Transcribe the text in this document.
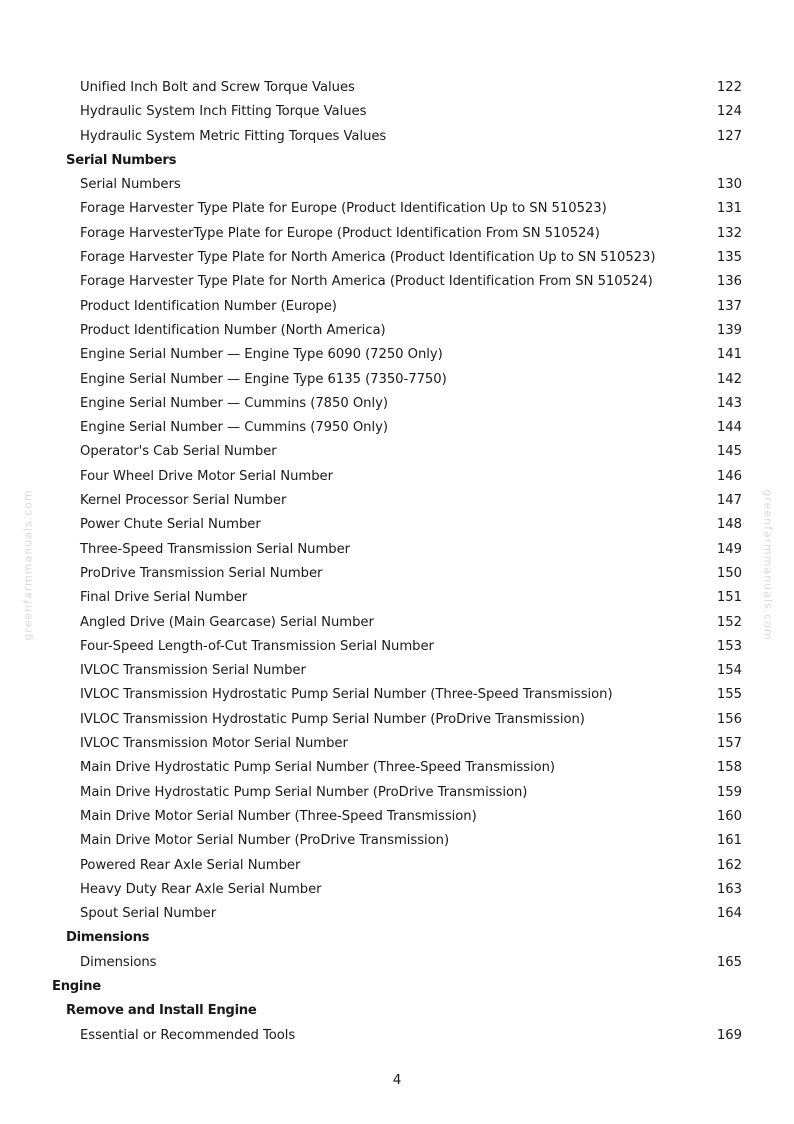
Unified Inch Bolt and Screw Torque Values	122
Hydraulic System Inch Fitting Torque Values	124
Hydraulic System Metric Fitting Torques Values	127
Serial Numbers
Serial Numbers	130
Forage Harvester Type Plate for Europe (Product Identification Up to SN 510523)	131
Forage HarvesterType Plate for Europe (Product Identification From SN 510524)	132
Forage Harvester Type Plate for North America (Product Identification Up to SN 510523)	135
Forage Harvester Type Plate for North America (Product Identification From SN 510524)	136
Product Identification Number (Europe)	137
Product Identification Number (North America)	139
Engine Serial Number — Engine Type 6090 (7250 Only)	141
Engine Serial Number — Engine Type 6135 (7350-7750)	142
Engine Serial Number — Cummins (7850 Only)	143
Engine Serial Number — Cummins (7950 Only)	144
Operator's Cab Serial Number	145
Four Wheel Drive Motor Serial Number	146
Kernel Processor Serial Number	147
Power Chute Serial Number	148
Three-Speed Transmission Serial Number	149
ProDrive Transmission Serial Number	150
Final Drive Serial Number	151
Angled Drive (Main Gearcase) Serial Number	152
Four-Speed Length-of-Cut Transmission Serial Number	153
IVLOC Transmission Serial Number	154
IVLOC Transmission Hydrostatic Pump Serial Number (Three-Speed Transmission)	155
IVLOC Transmission Hydrostatic Pump Serial Number (ProDrive Transmission)	156
IVLOC Transmission Motor Serial Number	157
Main Drive Hydrostatic Pump Serial Number (Three-Speed Transmission)	158
Main Drive Hydrostatic Pump Serial Number (ProDrive Transmission)	159
Main Drive Motor Serial Number (Three-Speed Transmission)	160
Main Drive Motor Serial Number (ProDrive Transmission)	161
Powered Rear Axle Serial Number	162
Heavy Duty Rear Axle Serial Number	163
Spout Serial Number	164
Dimensions
Dimensions	165
Engine
Remove and Install Engine
Essential or Recommended Tools	169
greenfarmmanuals.com	greenfarmmanuals.com
4
